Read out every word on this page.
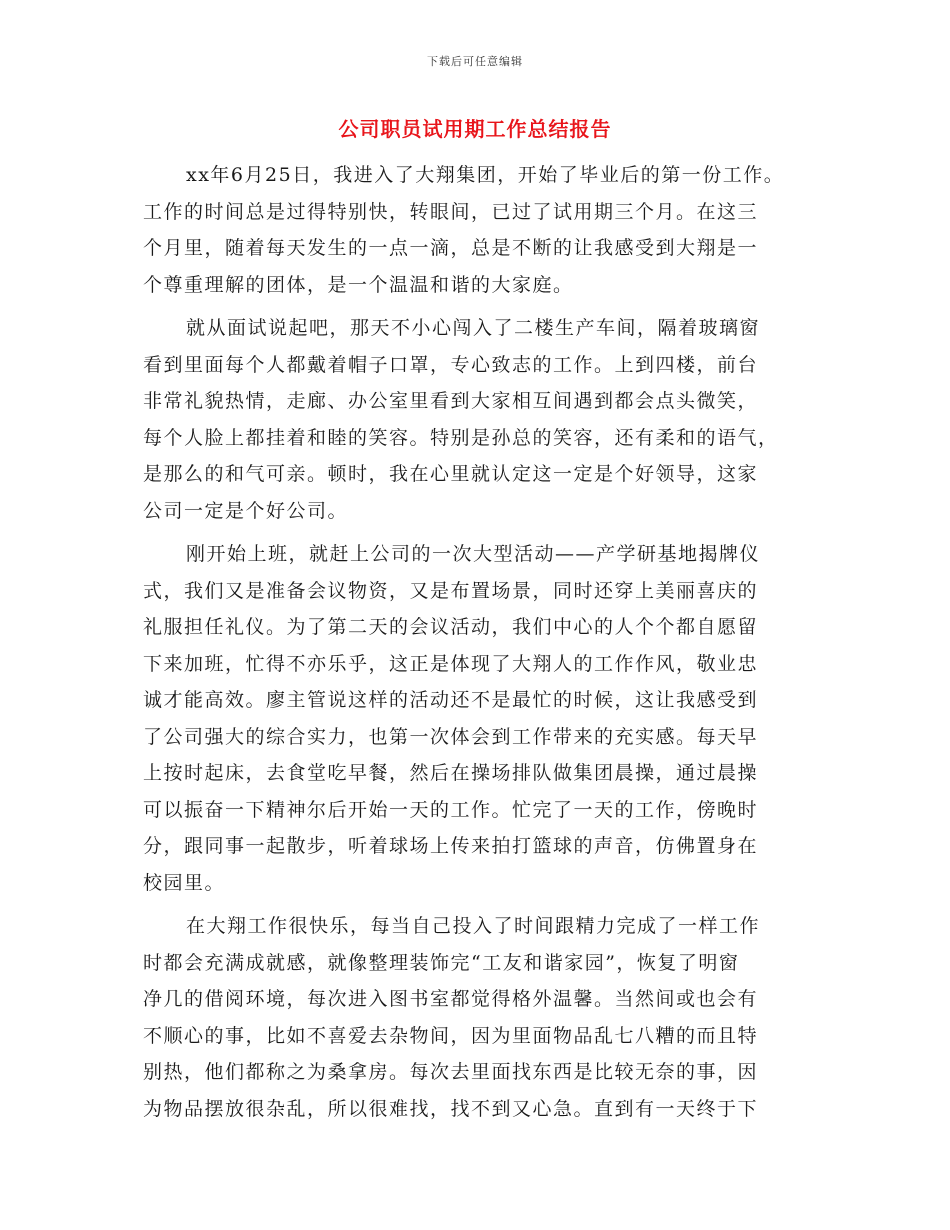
下载后可任意编辑
公司职员试用期工作总结报告
xx年6月25日，我进入了大翔集团，开始了毕业后的第一份工作。
工作的时间总是过得特别快，转眼间，已过了试用期三个月。在这三
个月里，随着每天发生的一点一滴，总是不断的让我感受到大翔是一
个尊重理解的团体，是一个温温和谐的大家庭。
就从面试说起吧，那天不小心闯入了二楼生产车间，隔着玻璃窗
看到里面每个人都戴着帽子口罩，专心致志的工作。上到四楼，前台
非常礼貌热情，走廊、办公室里看到大家相互间遇到都会点头微笑，
每个人脸上都挂着和睦的笑容。特别是孙总的笑容，还有柔和的语气，
是那么的和气可亲。顿时，我在心里就认定这一定是个好领导，这家
公司一定是个好公司。
刚开始上班，就赶上公司的一次大型活动——产学研基地揭牌仪
式，我们又是准备会议物资，又是布置场景，同时还穿上美丽喜庆的
礼服担任礼仪。为了第二天的会议活动，我们中心的人个个都自愿留
下来加班，忙得不亦乐乎，这正是体现了大翔人的工作作风，敬业忠
诚才能高效。廖主管说这样的活动还不是最忙的时候，这让我感受到
了公司强大的综合实力，也第一次体会到工作带来的充实感。每天早
上按时起床，去食堂吃早餐，然后在操场排队做集团晨操，通过晨操
可以振奋一下精神尔后开始一天的工作。忙完了一天的工作，傍晚时
分，跟同事一起散步，听着球场上传来拍打篮球的声音，仿佛置身在
校园里。
在大翔工作很快乐，每当自己投入了时间跟精力完成了一样工作
时都会充满成就感，就像整理装饰完“工友和谐家园”，恢复了明窗
净几的借阅环境，每次进入图书室都觉得格外温馨。当然间或也会有
不顺心的事，比如不喜爱去杂物间，因为里面物品乱七八糟的而且特
别热，他们都称之为桑拿房。每次去里面找东西是比较无奈的事，因
为物品摆放很杂乱，所以很难找，找不到又心急。直到有一天终于下
